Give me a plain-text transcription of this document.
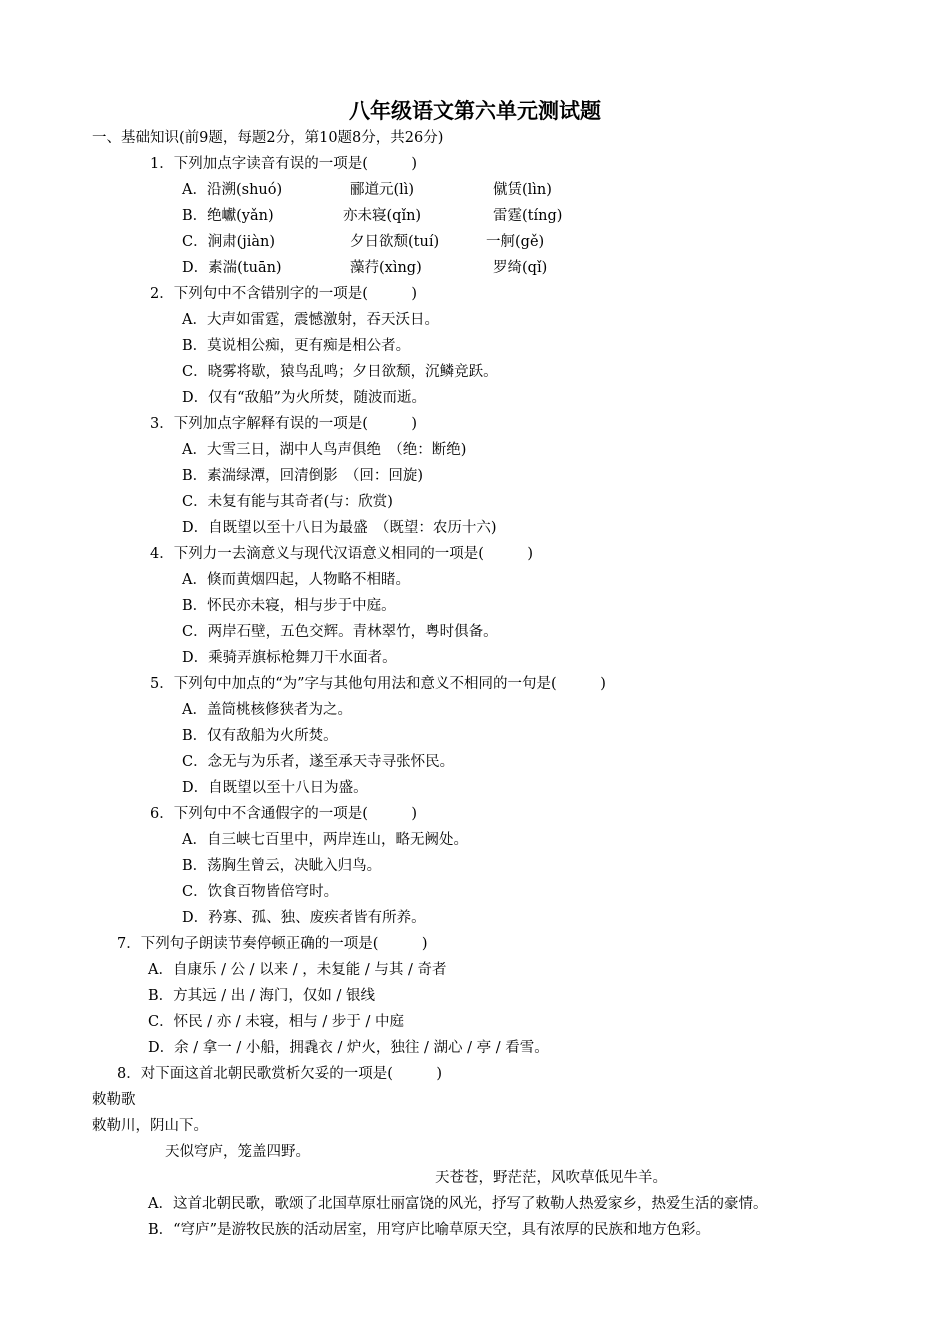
八年级语文第六单元测试题
一、基础知识(前9题，每题2分，第10题8分，共26分)
1．下列加点字读音有误的一项是(　　　)
A．沿溯(shuó)	郦道元(lì)	僦赁(lìn)
B．绝巘(yǎn)	亦未寝(qǐn)	雷霆(tíng)
C．涧肃(jiàn)	夕日欲颓(tuí)	一舸(gě)
D．素湍(tuān)	藻荇(xìng)	罗绮(qǐ)
2．下列句中不含错别字的一项是(　　　)
A．大声如雷霆，震憾激射，吞天沃日。
B．莫说相公痴，更有痴是相公者。
C．晓雾将歇，猿鸟乱鸣；夕日欲颓，沉鳞竞跃。
D．仅有“敌船”为火所焚，随波而逝。
3．下列加点字解释有误的一项是(　　　)
A．大雪三日，湖中人鸟声俱绝　（绝：断绝)
B．素湍绿潭，回清倒影　（回：回旋)
C．未复有能与其奇者(与：欣赏)
D．自既望以至十八日为最盛　（既望：农历十六)
4．下列力一去滴意义与现代汉语意义相同的一项是(　　　)
A．倏而黄烟四起，人物略不相睹。
B．怀民亦未寝，相与步于中庭。
C．两岸石壁，五色交辉。青林翠竹，粤时俱备。
D．乘骑弄旗标枪舞刀干水面者。
5．下列句中加点的“为”字与其他句用法和意义不相同的一句是(　　　)
A．盖筒桃核修狭者为之。
B．仅有敌船为火所焚。
C．念无与为乐者，遂至承天寺寻张怀民。
D．自既望以至十八日为盛。
6．下列句中不含通假字的一项是(　　　)
A．自三峡七百里中，两岸连山，略无阙处。
B．荡胸生曾云，决眦入归鸟。
C．饮食百物皆倍穹时。
D．矜寡、孤、独、废疾者皆有所养。
7．下列句子朗读节奏停顿正确的一项是(　　　)
A．自康乐 / 公 / 以来 / ，未复能 / 与其 / 奇者
B．方其远 / 出 / 海门，仅如 / 银线
C．怀民 / 亦 / 未寝，相与 / 步于 / 中庭
D．余 / 拿一 / 小船，拥毳衣 / 炉火，独往 / 湖心 / 亭 / 看雪。
8．对下面这首北朝民歌赏析欠妥的一项是(　　　)
敕勒歌
敕勒川，阴山下。
天似穹庐，笼盖四野。
天苍苍，野茫茫，风吹草低见牛羊。
A．这首北朝民歌，歌颂了北国草原壮丽富饶的风光，抒写了敕勒人热爱家乡，热爱生活的豪情。
B．“穹庐”是游牧民族的活动居室，用穹庐比喻草原天空，具有浓厚的民族和地方色彩。
